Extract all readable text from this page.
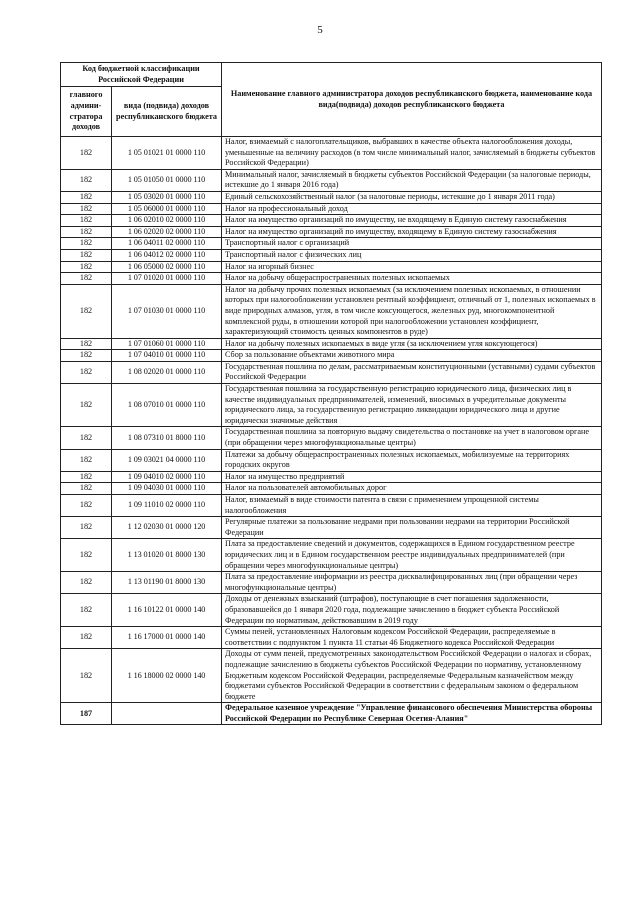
5
Код бюджетной классификации Российской Федерации		Наименование главного администратора доходов республиканского бюджета, наименование кода вида(подвида) доходов республиканского бюджета
главного админи-стратора доходов	вида (подвида) доходов республиканского бюджета	
182	1 05 01021 01 0000 110	Налог, взимаемый с налогоплательщиков, выбравших в качестве объекта налогообложения доходы, уменьшенные на величину расходов (в том числе минимальный налог, зачисляемый в бюджеты субъектов Российской Федерации)
182	1 05 01050 01 0000 110	Минимальный налог, зачисляемый в бюджеты субъектов Российской Федерации (за налоговые периоды, истекшие до 1 января 2016 года)
182	1 05 03020 01 0000 110	Единый сельскохозяйственный налог (за налоговые периоды, истекшие до 1 января 2011 года)
182	1 05 06000 01 0000 110	Налог на профессиональный доход
182	1 06 02010 02 0000 110	Налог на имущество организаций по имуществу, не входящему в Единую систему газоснабжения
182	1 06 02020 02 0000 110	Налог на имущество организаций по имуществу, входящему в Единую систему газоснабжения
182	1 06 04011 02 0000 110	Транспортный налог с организаций
182	1 06 04012 02 0000 110	Транспортный налог с физических лиц
182	1 06 05000 02 0000 110	Налог на игорный бизнес
182	1 07 01020 01 0000 110	Налог на добычу общераспространенных полезных ископаемых
182	1 07 01030 01 0000 110	Налог на добычу прочих полезных ископаемых (за исключением полезных ископаемых, в отношении которых при налогообложении установлен рентный коэффициент, отличный от 1, полезных ископаемых в виде природных алмазов, угля, в том числе коксующегося, железных руд, многокомпонентной комплексной руды, в отношении которой при налогообложении установлен коэффициент, характеризующий стоимость ценных компонентов в руде)
182	1 07 01060 01 0000 110	Налог на добычу полезных ископаемых в виде угля (за исключением угля коксующегося)
182	1 07 04010 01 0000 110	Сбор за пользование объектами животного мира
182	1 08 02020 01 0000 110	Государственная пошлина по делам, рассматриваемым конституционными (уставными) судами субъектов Российской Федерации
182	1 08 07010 01 0000 110	Государственная пошлина за государственную регистрацию юридического лица, физических лиц в качестве индивидуальных предпринимателей, изменений, вносимых в учредительные документы юридического лица, за государственную регистрацию ликвидации юридического лица и другие юридически значимые действия
182	1 08 07310 01 8000 110	Государственная пошлина за повторную выдачу свидетельства о постановке на учет в налоговом органе (при обращении через многофункциональные центры)
182	1 09 03021 04 0000 110	Платежи за добычу общераспространенных полезных ископаемых, мобилизуемые на территориях городских округов
182	1 09 04010 02 0000 110	Налог на имущество предприятий
182	1 09 04030 01 0000 110	Налог на пользователей автомобильных дорог
182	1 09 11010 02 0000 110	Налог, взимаемый в виде стоимости патента в связи с применением упрощенной системы налогообложения
182	1 12 02030 01 0000 120	Регулярные платежи за пользование недрами при пользовании недрами на территории Российской Федерации
182	1 13 01020 01 8000 130	Плата за предоставление сведений и документов, содержащихся в Едином государственном реестре юридических лиц и в Едином государственном реестре индивидуальных предпринимателей (при обращении через многофункциональные центры)
182	1 13 01190 01 8000 130	Плата за предоставление информации из реестра дисквалифицированных лиц (при обращении через многофункциональные центры)
182	1 16 10122 01 0000 140	Доходы от денежных взысканий (штрафов), поступающие в счет погашения задолженности, образовавшейся до 1 января 2020 года, подлежащие зачислению в бюджет субъекта Российской Федерации по нормативам, действовавшим в 2019 году
182	1 16 17000 01 0000 140	Суммы пеней, установленных Налоговым кодексом Российской Федерации, распределяемые в соответствии с подпунктом 1 пункта 11 статьи 46 Бюджетного кодекса Российской Федерации
182	1 16 18000 02 0000 140	Доходы от сумм пеней, предусмотренных законодательством Российской Федерации о налогах и сборах, подлежащие зачислению в бюджеты субъектов Российской Федерации по нормативу, установленному Бюджетным кодексом Российской Федерации, распределяемые Федеральным казначейством между бюджетами субъектов Российской Федерации в соответствии с федеральным законом о федеральном бюджете
187		Федеральное казенное учреждение "Управление финансового обеспечения Министерства обороны Российской Федерации по Республике Северная Осетия-Алания"
